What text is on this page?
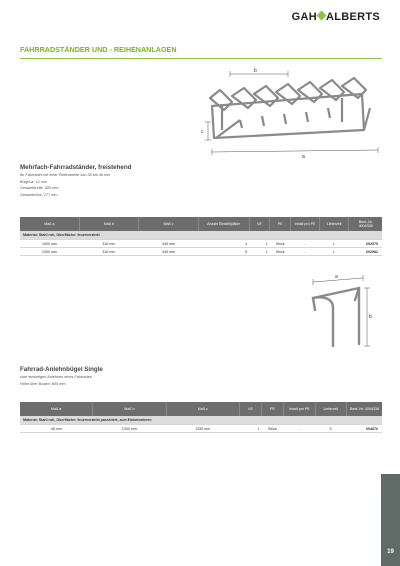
GAH ALBERTS
FAHRRADSTÄNDER UND - REIHENANLAGEN
b
c
a
Mehrfach-Fahrradständer, freistehend
für Fahrräder mit einer Reifenbreite von 35 bis 45 mm
Bügel-ø: 12 mm
Gesamtbreite: 320 mm
Gesamthöhe: 277 mm
Maß a	Maß b	Maß c	Anzahl Einstellplätze	VE	PE	Inhalt pro PE	Lieferzeit	Best.-Nr. 4004338
Material: Stahl roh, Oberfläche: feuerverzinkt								
1000 mm	316 mm	345 mm	4	1	Stück	-	L	692575
1300 mm	316 mm	345 mm	5	1	Stück	-	L	692582
a
b
Fahrrad-Anlehnbügel Single
zum einseitigen Anlehnen eines Fahrrades
Höhe über Boden: 800 mm
Maß ø	Maß b	Maß c	VE	PE	Inhalt pro PE	Lieferzeit	Best.-Nr. 4004338
Material: Stahl roh, Oberfläche: feuerverzinkt passiviert, zum Einbetonieren							
48 mm	1300 mm	1250 mm	1	Stück	-	S	694876
19
